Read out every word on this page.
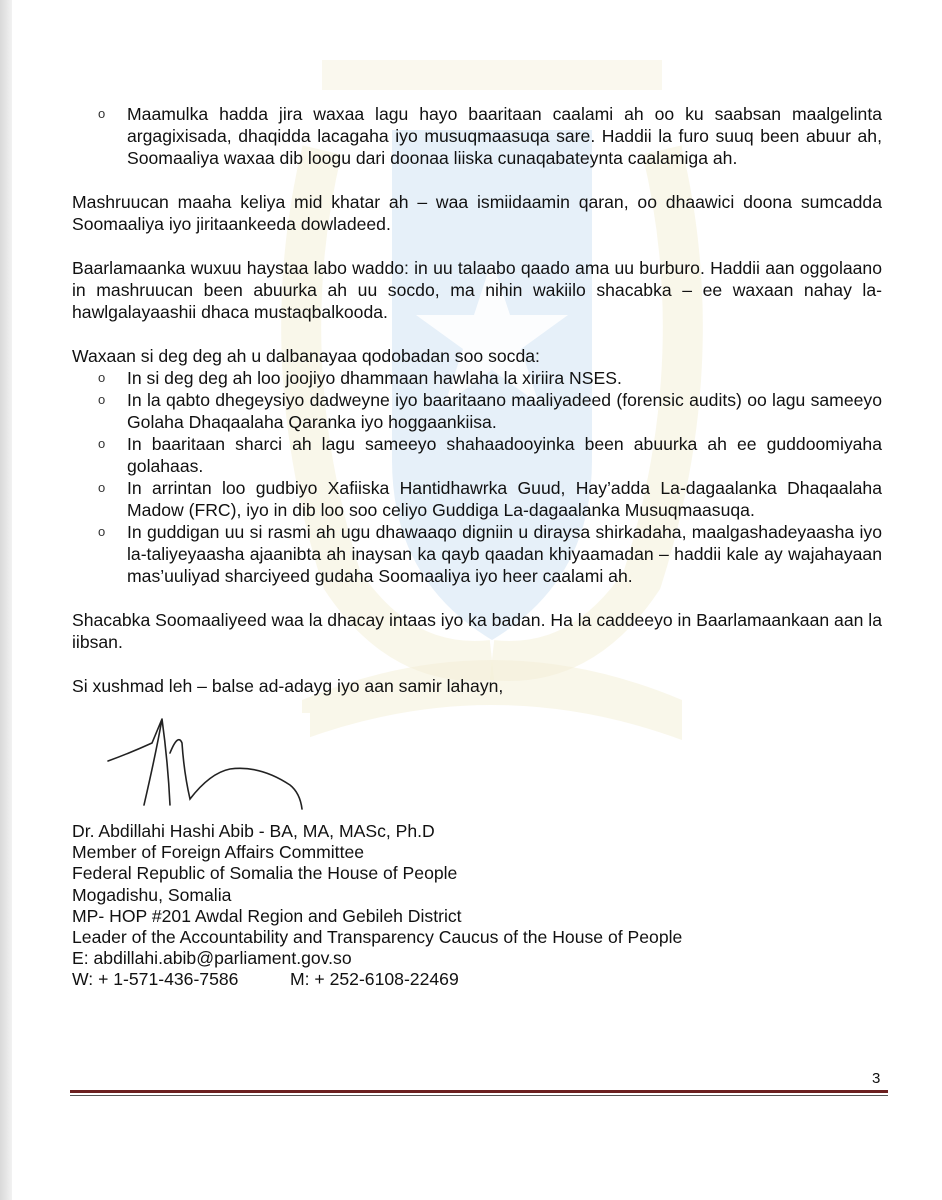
o Maamulka hadda jira waxaa lagu hayo baaritaan caalami ah oo ku saabsan maalgelinta argagixisada, dhaqidda lacagaha iyo musuqmaasuqa sare. Haddii la furo suuq been abuur ah, Soomaaliya waxaa dib loogu dari doonaa liiska cunaqabateynta caalamiga ah.
Mashruucan maaha keliya mid khatar ah – waa ismiidaamin qaran, oo dhaawici doona sumcadda Soomaaliya iyo jiritaankeeda dowladeed.
Baarlamaanka wuxuu haystaa labo waddo: in uu talaabo qaado ama uu burburo. Haddii aan oggolaano in mashruucan been abuurka ah uu socdo, ma nihin wakiilo shacabka – ee waxaan nahay la-hawlgalayaashii dhaca mustaqbalkooda.
Waxaan si deg deg ah u dalbanayaa qodobadan soo socda:
o In si deg deg ah loo joojiyo dhammaan hawlaha la xiriira NSES.
o In la qabto dhegeysiyo dadweyne iyo baaritaano maaliyadeed (forensic audits) oo lagu sameeyo Golaha Dhaqaalaha Qaranka iyo hoggaankiisa.
o In baaritaan sharci ah lagu sameeyo shahaadooyinka been abuurka ah ee guddoomiyaha golahaas.
o In arrintan loo gudbiyo Xafiiska Hantidhawrka Guud, Hay’adda La-dagaalanka Dhaqaalaha Madow (FRC), iyo in dib loo soo celiyo Guddiga La-dagaalanka Musuqmaasuqa.
o In guddigan uu si rasmi ah ugu dhawaaqo digniin u diraysa shirkadaha, maalgashadeyaasha iyo la-taliyeyaasha ajaanibta ah inaysan ka qayb qaadan khiyaamadan – haddii kale ay wajahayaan mas’uuliyad sharciyeed gudaha Soomaaliya iyo heer caalami ah.
Shacabka Soomaaliyeed waa la dhacay intaas iyo ka badan. Ha la caddeeyo in Baarlamaankaan aan la iibsan.
Si xushmad leh – balse ad-adayg iyo aan samir lahayn,
Dr. Abdillahi Hashi Abib - BA, MA, MASc, Ph.D
Member of Foreign Affairs Committee
Federal Republic of Somalia the House of People
Mogadishu, Somalia
MP- HOP #201 Awdal Region and Gebileh District
Leader of the Accountability and Transparency Caucus of the House of People
E: abdillahi.abib@parliament.gov.so
W: + 1-571-436-7586	M: + 252-6108-22469
3
